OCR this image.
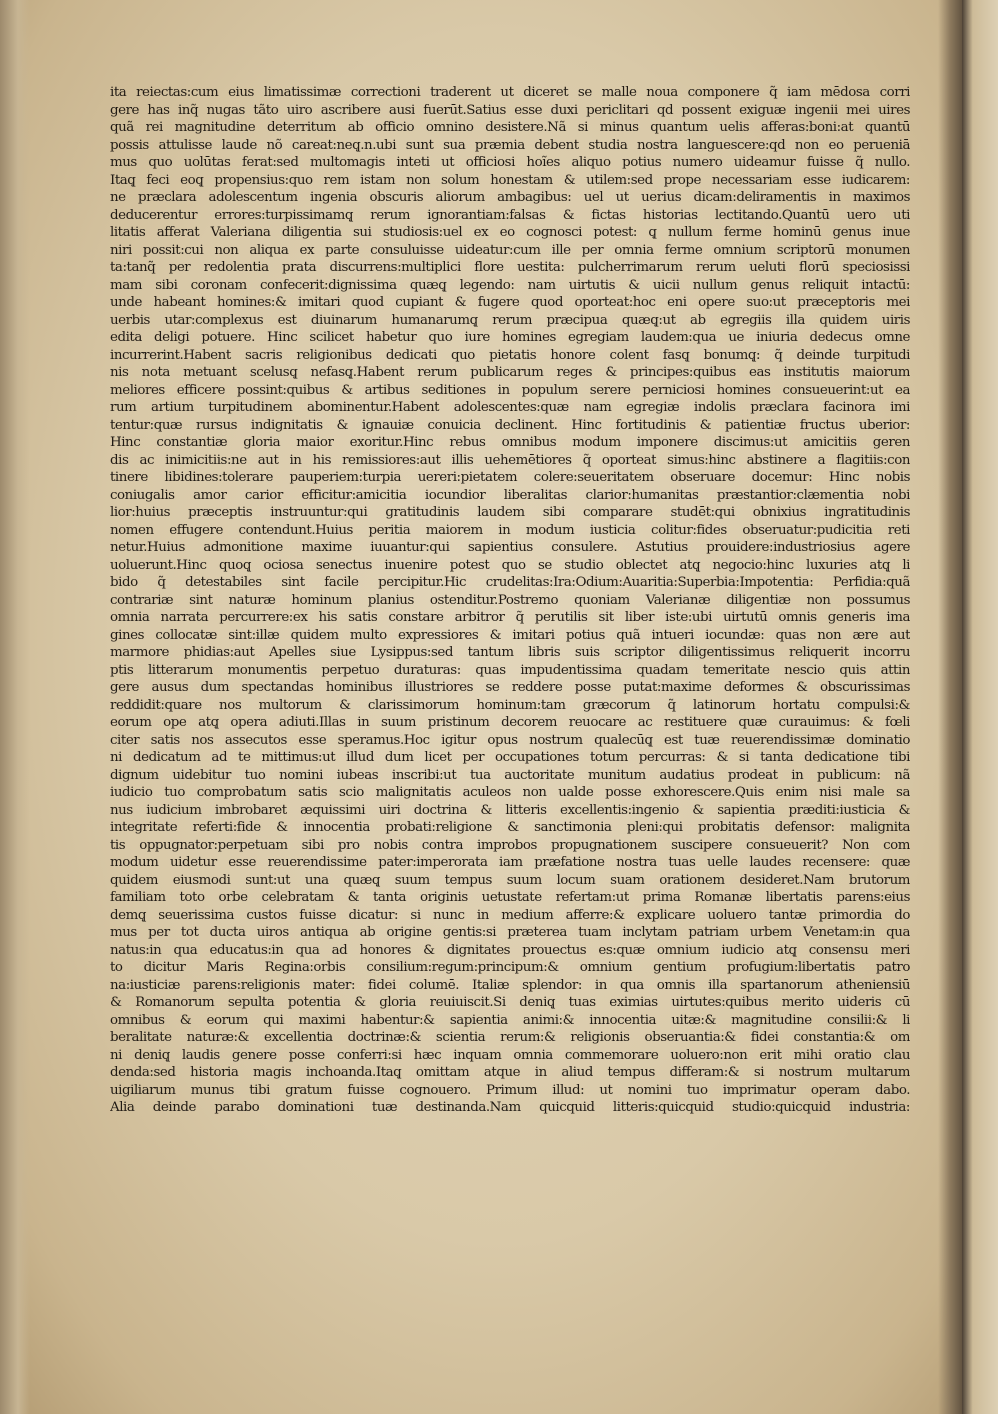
ita reiectas:cum eius limatissimæ correctioni traderent ut diceret se malle noua componere q̃ iam mēdosa corri
gere has inq̃ nugas tãto uiro ascribere ausi fuerūt.Satius esse duxi periclitari qd possent exiguæ ingenii mei uires
quã rei magnitudine deterritum ab officio omnino desistere.Nã si minus quantum uelis afferas:boni:at quantū
possis attulisse laude nõ careat:neq̨.n.ubi sunt sua præmia debent studia nostra languescere:qd non eo perueniā
mus quo uolūtas ferat:sed multomagis inteti ut officiosi hoĩes aliquo potius numero uideamur fuisse q̃ nullo.
Itaq̨ feci eoq̨ propensius:quo rem istam non solum honestam & utilem:sed prope necessariam esse iudicarem:
ne præclara adolescentum ingenia obscuris aliorum ambagibus: uel ut uerius dicam:deliramentis in maximos
deducerentur errores:turpissimamq̨ rerum ignorantiam:falsas & fictas historias lectitando.Quantū uero uti
litatis afferat Valeriana diligentia sui studiosis:uel ex eo cognosci potest: q̨ nullum ferme hominū genus inue
niri possit:cui non aliqua ex parte consuluisse uideatur:cum ille per omnia ferme omnium scriptorū monumen
ta:tanq̃ per redolentia prata discurrens:multiplici flore uestita: pulcherrimarum rerum ueluti florū speciosissi
mam sibi coronam confecerit:dignissima quæq̨ legendo: nam uirtutis & uicii nullum genus reliquit intactū:
unde habeant homines:& imitari quod cupiant & fugere quod oporteat:hoc eni opere suo:ut præceptoris mei
uerbis utar:complexus est diuinarum humanarumq̨ rerum præcipua quæq̨:ut ab egregiis illa quidem uiris
edita deligi potuere. Hinc scilicet habetur quo iure homines egregiam laudem:qua ue iniuria dedecus omne
incurrerint.Habent sacris religionibus dedicati quo pietatis honore colent fasq̨ bonumq̨: q̃ deinde turpitudi
nis nota metuant scelusq̨ nefasq̨.Habent rerum publicarum reges & principes:quibus eas institutis maiorum
meliores efficere possint:quibus & artibus seditiones in populum serere perniciosi homines consueuerint:ut ea
rum artium turpitudinem abominentur.Habent adolescentes:quæ nam egregiæ indolis præclara facinora imi
tentur:quæ rursus indignitatis & ignauiæ conuicia declinent. Hinc fortitudinis & patientiæ fructus uberior:
Hinc constantiæ gloria maior exoritur.Hinc rebus omnibus modum imponere discimus:ut amicitiis geren
dis ac inimicitiis:ne aut in his remissiores:aut illis uehemētiores q̃ oporteat simus:hinc abstinere a flagitiis:con
tinere libidines:tolerare pauperiem:turpia uereri:pietatem colere:seueritatem obseruare docemur: Hinc nobis
coniugalis amor carior efficitur:amicitia iocundior liberalitas clarior:humanitas præstantior:clæmentia nobi
lior:huius præceptis instruuntur:qui gratitudinis laudem sibi comparare studēt:qui obnixius ingratitudinis
nomen effugere contendunt.Huius peritia maiorem in modum iusticia colitur:fides obseruatur:pudicitia reti
netur.Huius admonitione maxime iuuantur:qui sapientius consulere. Astutius prouidere:industriosius agere
uoluerunt.Hinc quoq̨ ociosa senectus inuenire potest quo se studio oblectet atq̨ negocio:hinc luxuries atq̨ li
bido q̃ detestabiles sint facile percipitur.Hic crudelitas:Ira:Odium:Auaritia:Superbia:Impotentia: Perfidia:quã
contrariæ sint naturæ hominum planius ostenditur.Postremo quoniam Valerianæ diligentiæ non possumus
omnia narrata percurrere:ex his satis constare arbitror q̃ perutilis sit liber iste:ubi uirtutū omnis generis ima
gines collocatæ sint:illæ quidem multo expressiores & imitari potius quã intueri iocundæ: quas non ære aut
marmore phidias:aut Apelles siue Lysippus:sed tantum libris suis scriptor diligentissimus reliquerit incorru
ptis litterarum monumentis perpetuo duraturas: quas impudentissima quadam temeritate nescio quis attin
gere ausus dum spectandas hominibus illustriores se reddere posse putat:maxime deformes & obscurissimas
reddidit:quare nos multorum & clarissimorum hominum:tam græcorum q̃ latinorum hortatu compulsi:&
eorum ope atq̨ opera adiuti.Illas in suum pristinum decorem reuocare ac restituere quæ curauimus: & fœli
citer satis nos assecutos esse speramus.Hoc igitur opus nostrum qualecūq̨ est tuæ reuerendissimæ dominatio
ni dedicatum ad te mittimus:ut illud dum licet per occupationes totum percurras: & si tanta dedicatione tibi
dignum uidebitur tuo nomini iubeas inscribi:ut tua auctoritate munitum audatius prodeat in publicum: nã
iudicio tuo comprobatum satis scio malignitatis aculeos non ualde posse exhorescere.Quis enim nisi male sa
nus iudicium imbrobaret æquissimi uiri doctrina & litteris excellentis:ingenio & sapientia præditi:iusticia &
integritate referti:fide & innocentia probati:religione & sanctimonia pleni:qui probitatis defensor: malignita
tis oppugnator:perpetuam sibi pro nobis contra improbos propugnationem suscipere consueuerit? Non com
modum uidetur esse reuerendissime pater:imperorata iam præfatione nostra tuas uelle laudes recensere: quæ
quidem eiusmodi sunt:ut una quæq̨ suum tempus suum locum suam orationem desideret.Nam brutorum
familiam toto orbe celebratam & tanta originis uetustate refertam:ut prima Romanæ libertatis parens:eius
demq̨ seuerissima custos fuisse dicatur: si nunc in medium afferre:& explicare uoluero tantæ primordia do
mus per tot ducta uiros antiqua ab origine gentis:si præterea tuam inclytam patriam urbem Venetam:in qua
natus:in qua educatus:in qua ad honores & dignitates prouectus es:quæ omnium iudicio atq̨ consensu meri
to dicitur Maris Regina:orbis consilium:regum:principum:& omnium gentium profugium:libertatis patro
na:iusticiæ parens:religionis mater: fidei columē. Italiæ splendor: in qua omnis illa spartanorum atheniensiū
& Romanorum sepulta potentia & gloria reuiuiscit.Si deniq̨ tuas eximias uirtutes:quibus merito uideris cū
omnibus & eorum qui maximi habentur:& sapientia animi:& innocentia uitæ:& magnitudine consilii:& li
beralitate naturæ:& excellentia doctrinæ:& scientia rerum:& religionis obseruantia:& fidei constantia:& om
ni deniq̨ laudis genere posse conferri:si hæc inquam omnia commemorare uoluero:non erit mihi oratio clau
denda:sed historia magis inchoanda.Itaq̨ omittam atque in aliud tempus differam:& si nostrum multarum
uigiliarum munus tibi gratum fuisse cognouero. Primum illud: ut nomini tuo imprimatur operam dabo.
Alia deinde parabo dominationi tuæ destinanda.Nam quicquid litteris:quicquid studio:quicquid industria:
